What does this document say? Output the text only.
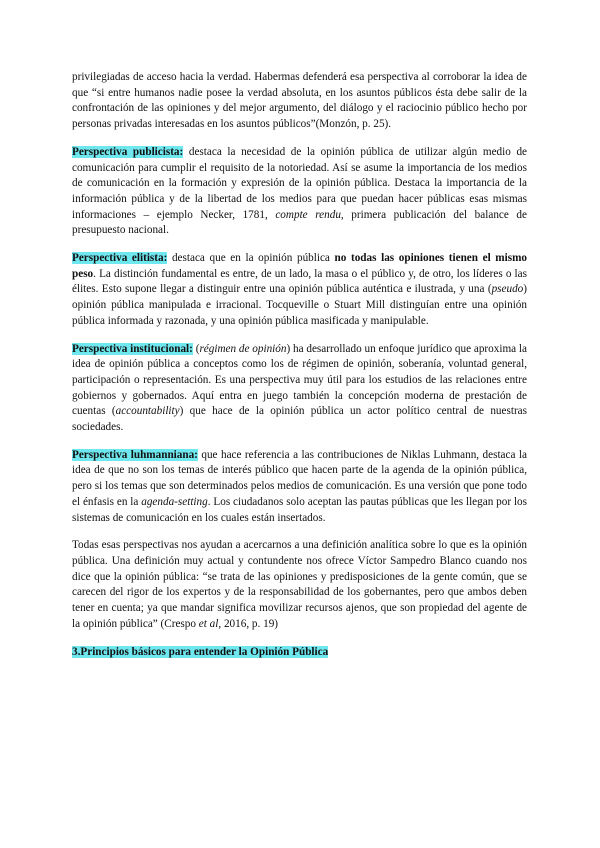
privilegiadas de acceso hacia la verdad. Habermas defenderá esa perspectiva al corroborar la idea de que “si entre humanos nadie posee la verdad absoluta, en los asuntos públicos ésta debe salir de la confrontación de las opiniones y del mejor argumento, del diálogo y el raciocinio público hecho por personas privadas interesadas en los asuntos públicos”(Monzón, p. 25).

Perspectiva publicista: destaca la necesidad de la opinión pública de utilizar algún medio de comunicación para cumplir el requisito de la notoriedad. Así se asume la importancia de los medios de comunicación en la formación y expresión de la opinión pública. Destaca la importancia de la información pública y de la libertad de los medios para que puedan hacer públicas esas mismas informaciones – ejemplo Necker, 1781, compte rendu, primera publicación del balance de presupuesto nacional.

Perspectiva elitista: destaca que en la opinión pública no todas las opiniones tienen el mismo peso. La distinción fundamental es entre, de un lado, la masa o el público y, de otro, los líderes o las élites. Esto supone llegar a distinguir entre una opinión pública auténtica e ilustrada, y una (pseudo) opinión pública manipulada e irracional. Tocqueville o Stuart Mill distinguían entre una opinión pública informada y razonada, y una opinión pública masificada y manipulable.

Perspectiva institucional: (régimen de opinión) ha desarrollado un enfoque jurídico que aproxima la idea de opinión pública a conceptos como los de régimen de opinión, soberanía, voluntad general, participación o representación. Es una perspectiva muy útil para los estudios de las relaciones entre gobiernos y gobernados. Aquí entra en juego también la concepción moderna de prestación de cuentas (accountability) que hace de la opinión pública un actor político central de nuestras sociedades.

Perspectiva luhmanniana: que hace referencia a las contribuciones de Niklas Luhmann, destaca la idea de que no son los temas de interés público que hacen parte de la agenda de la opinión pública, pero si los temas que son determinados pelos medios de comunicación. Es una versión que pone todo el énfasis en la agenda-setting. Los ciudadanos solo aceptan las pautas públicas que les llegan por los sistemas de comunicación en los cuales están insertados.

Todas esas perspectivas nos ayudan a acercarnos a una definición analítica sobre lo que es la opinión pública. Una definición muy actual y contundente nos ofrece Víctor Sampedro Blanco cuando nos dice que la opinión pública: “se trata de las opiniones y predisposiciones de la gente común, que se carecen del rigor de los expertos y de la responsabilidad de los gobernantes, pero que ambos deben tener en cuenta; ya que mandar significa movilizar recursos ajenos, que son propiedad del agente de la opinión pública” (Crespo et al, 2016, p. 19)

3.Principios básicos para entender la Opinión Pública
